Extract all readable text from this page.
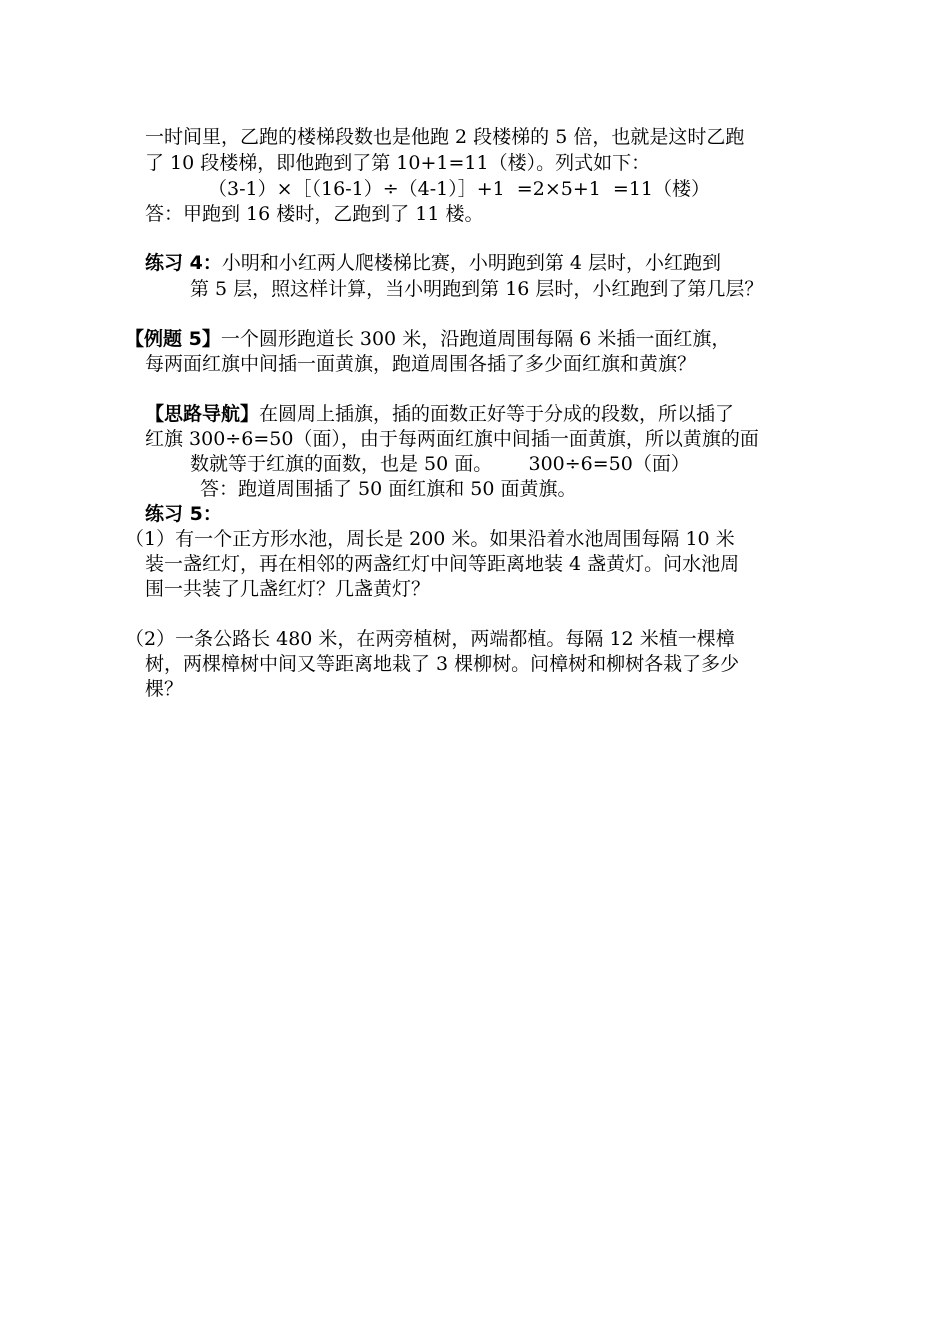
一时间里，乙跑的楼梯段数也是他跑 2 段楼梯的 5 倍，也就是这时乙跑
了 10 段楼梯，即他跑到了第 10+1=11（楼）。列式如下：
（3-1）×［（16-1）÷（4-1）］+1  =2×5+1  =11（楼）
答：甲跑到 16 楼时，乙跑到了 11 楼。
练习 4：小明和小红两人爬楼梯比赛，小明跑到第 4 层时，小红跑到
第 5 层，照这样计算，当小明跑到第 16 层时，小红跑到了第几层？
【例题 5】一个圆形跑道长 300 米，沿跑道周围每隔 6 米插一面红旗，
每两面红旗中间插一面黄旗，跑道周围各插了多少面红旗和黄旗？
【思路导航】在圆周上插旗，插的面数正好等于分成的段数，所以插了
红旗 300÷6=50（面），由于每两面红旗中间插一面黄旗，所以黄旗的面
数就等于红旗的面数，也是 50 面。      300÷6=50（面）
答：跑道周围插了 50 面红旗和 50 面黄旗。
练习 5：
（1）有一个正方形水池，周长是 200 米。如果沿着水池周围每隔 10 米
装一盏红灯，再在相邻的两盏红灯中间等距离地装 4 盏黄灯。问水池周
围一共装了几盏红灯？几盏黄灯？
（2）一条公路长 480 米，在两旁植树，两端都植。每隔 12 米植一棵樟
树，两棵樟树中间又等距离地栽了 3 棵柳树。问樟树和柳树各栽了多少
棵？
